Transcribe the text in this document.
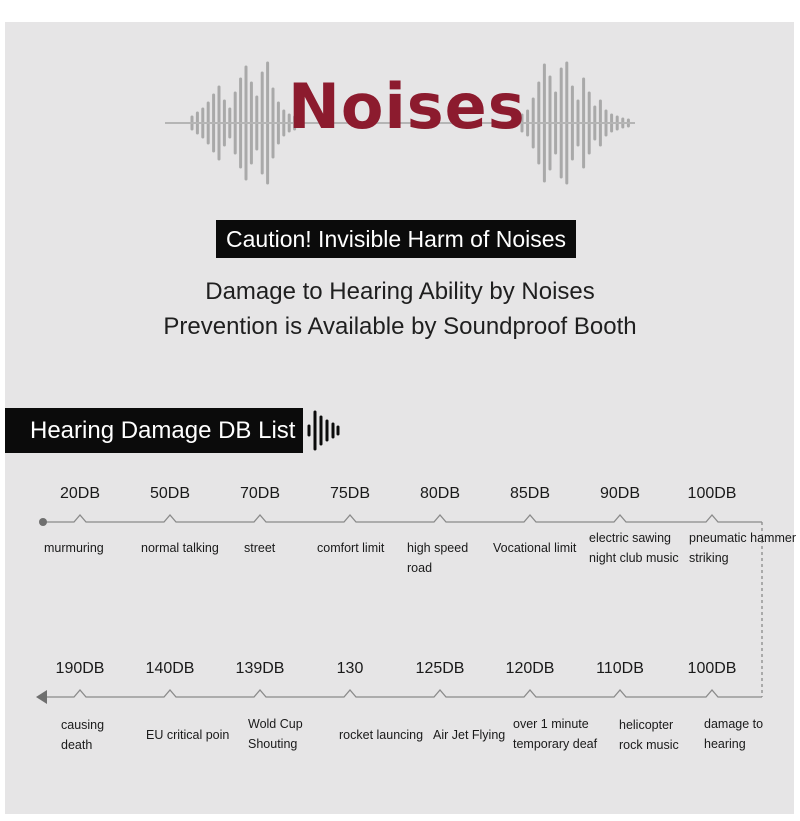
Noises
Caution! Invisible Harm of Noises
Damage to Hearing Ability by Noises
Prevention is Available by Soundproof Booth
Hearing Damage DB List
20DB
murmuring
50DB
normal talking
70DB
street
75DB
comfort limit
80DB
high speed
road
85DB
Vocational limit
90DB
electric sawing
night club music
100DB
pneumatic hammer
striking
190DB
causing
death
140DB
EU critical poin
139DB
Wold Cup
Shouting
130
rocket launcing
125DB
Air Jet Flying
120DB
over 1 minute
temporary deaf
110DB
helicopter
rock music
100DB
damage to
hearing
